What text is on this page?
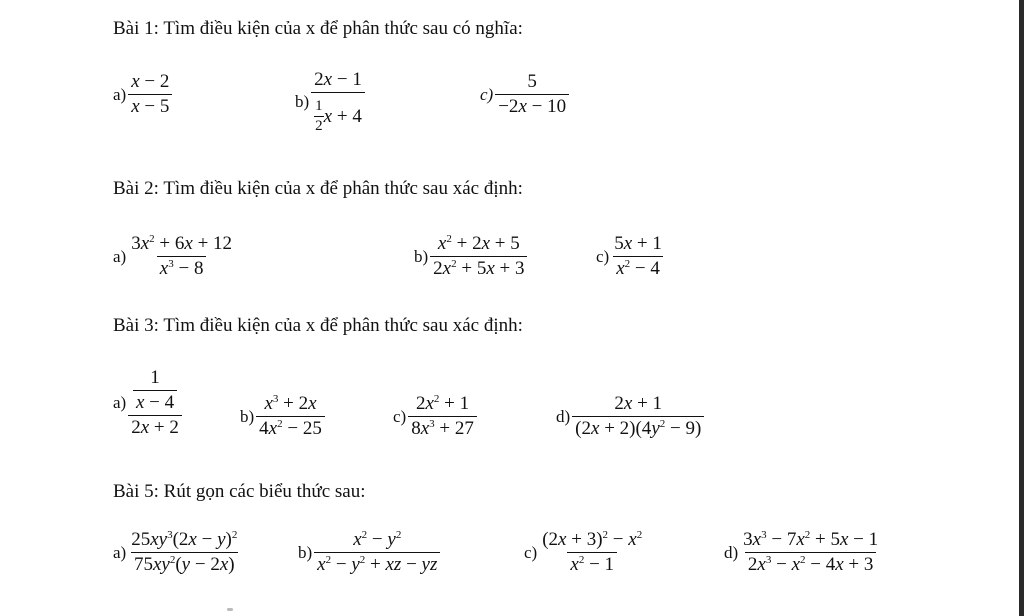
Bài 1: Tìm điều kiện của x để phân thức sau có nghĩa:
$a) \frac{x - 2}{x - 5}$	$b) \frac{2x - 1}{\frac{1}{2} x + 4}$	$c) \frac{5}{-2x - 10}$
Bài 2: Tìm điều kiện của x để phân thức sau xác định:
$a) \frac{3x^2 + 6x + 12}{x^3 - 8}$	$b) \frac{x^2 + 2x + 5}{2x^2 + 5x + 3}$	$c) \frac{5x + 1}{x^2 - 4}$
Bài 3: Tìm điều kiện của x để phân thức sau xác định:
$a) \frac{\frac{1}{x - 4}}{2x + 2}$	$b) \frac{x^3 + 2x}{4x^2 - 25}$	$c) \frac{2x^2 + 1}{8x^3 + 27}$	$d) \frac{2x + 1}{(2x + 2)(4y^2 - 9)}$
Bài 5: Rút gọn các biểu thức sau:
$a) \frac{25xy^3(2x - y)^2}{75xy^2(y - 2x)}$	$b) \frac{x^2 - y^2}{x^2 - y^2 + xz - yz}$	$c) \frac{(2x + 3)^2 - x^2}{x^2 - 1}$	$d) \frac{3x^3 - 7x^2 + 5x - 1}{2x^3 - x^2 - 4x + 3}$
